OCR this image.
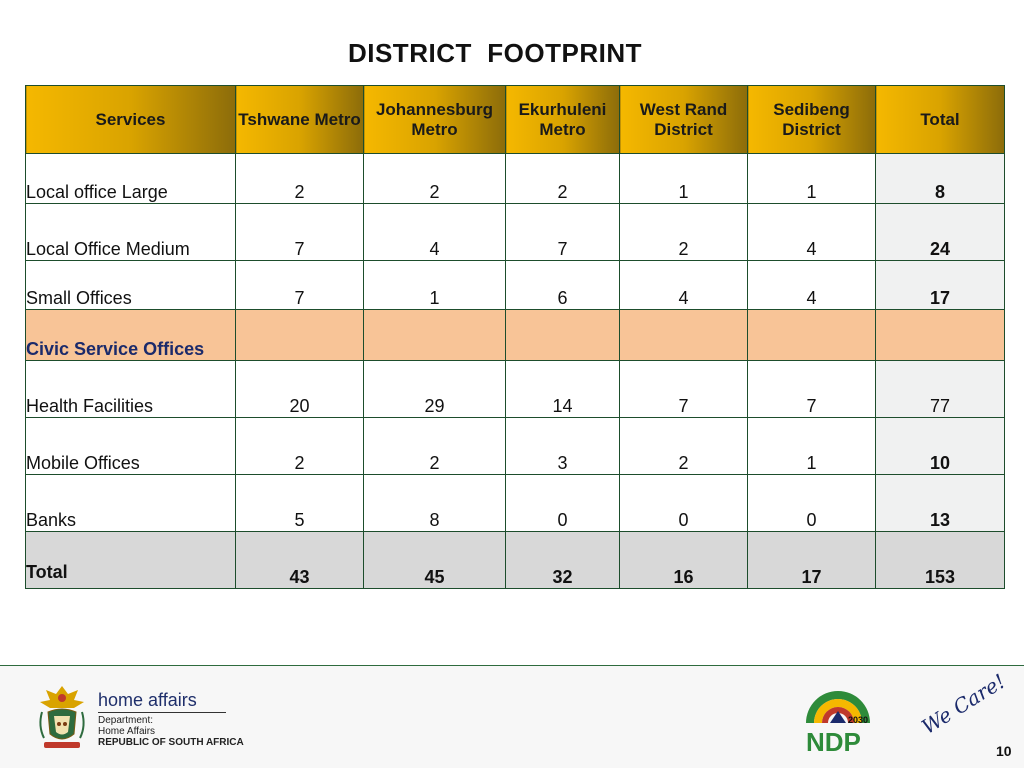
DISTRICT  FOOTPRINT
Services	Tshwane Metro	Johannesburg Metro	Ekurhuleni Metro	West Rand District	Sedibeng District	Total
Local office Large	2	2	2	1	1	8
Local Office Medium	7	4	7	2	4	24
Small Offices	7	1	6	4	4	17
Civic Service Offices						
Health Facilities	20	29	14	7	7	77
Mobile Offices	2	2	3	2	1	10
Banks	5	8	0	0	0	13
Total	43	45	32	16	17	153
home affairs
Department:
Home Affairs
REPUBLIC OF SOUTH AFRICA
2030
NDP
We Care!
10
